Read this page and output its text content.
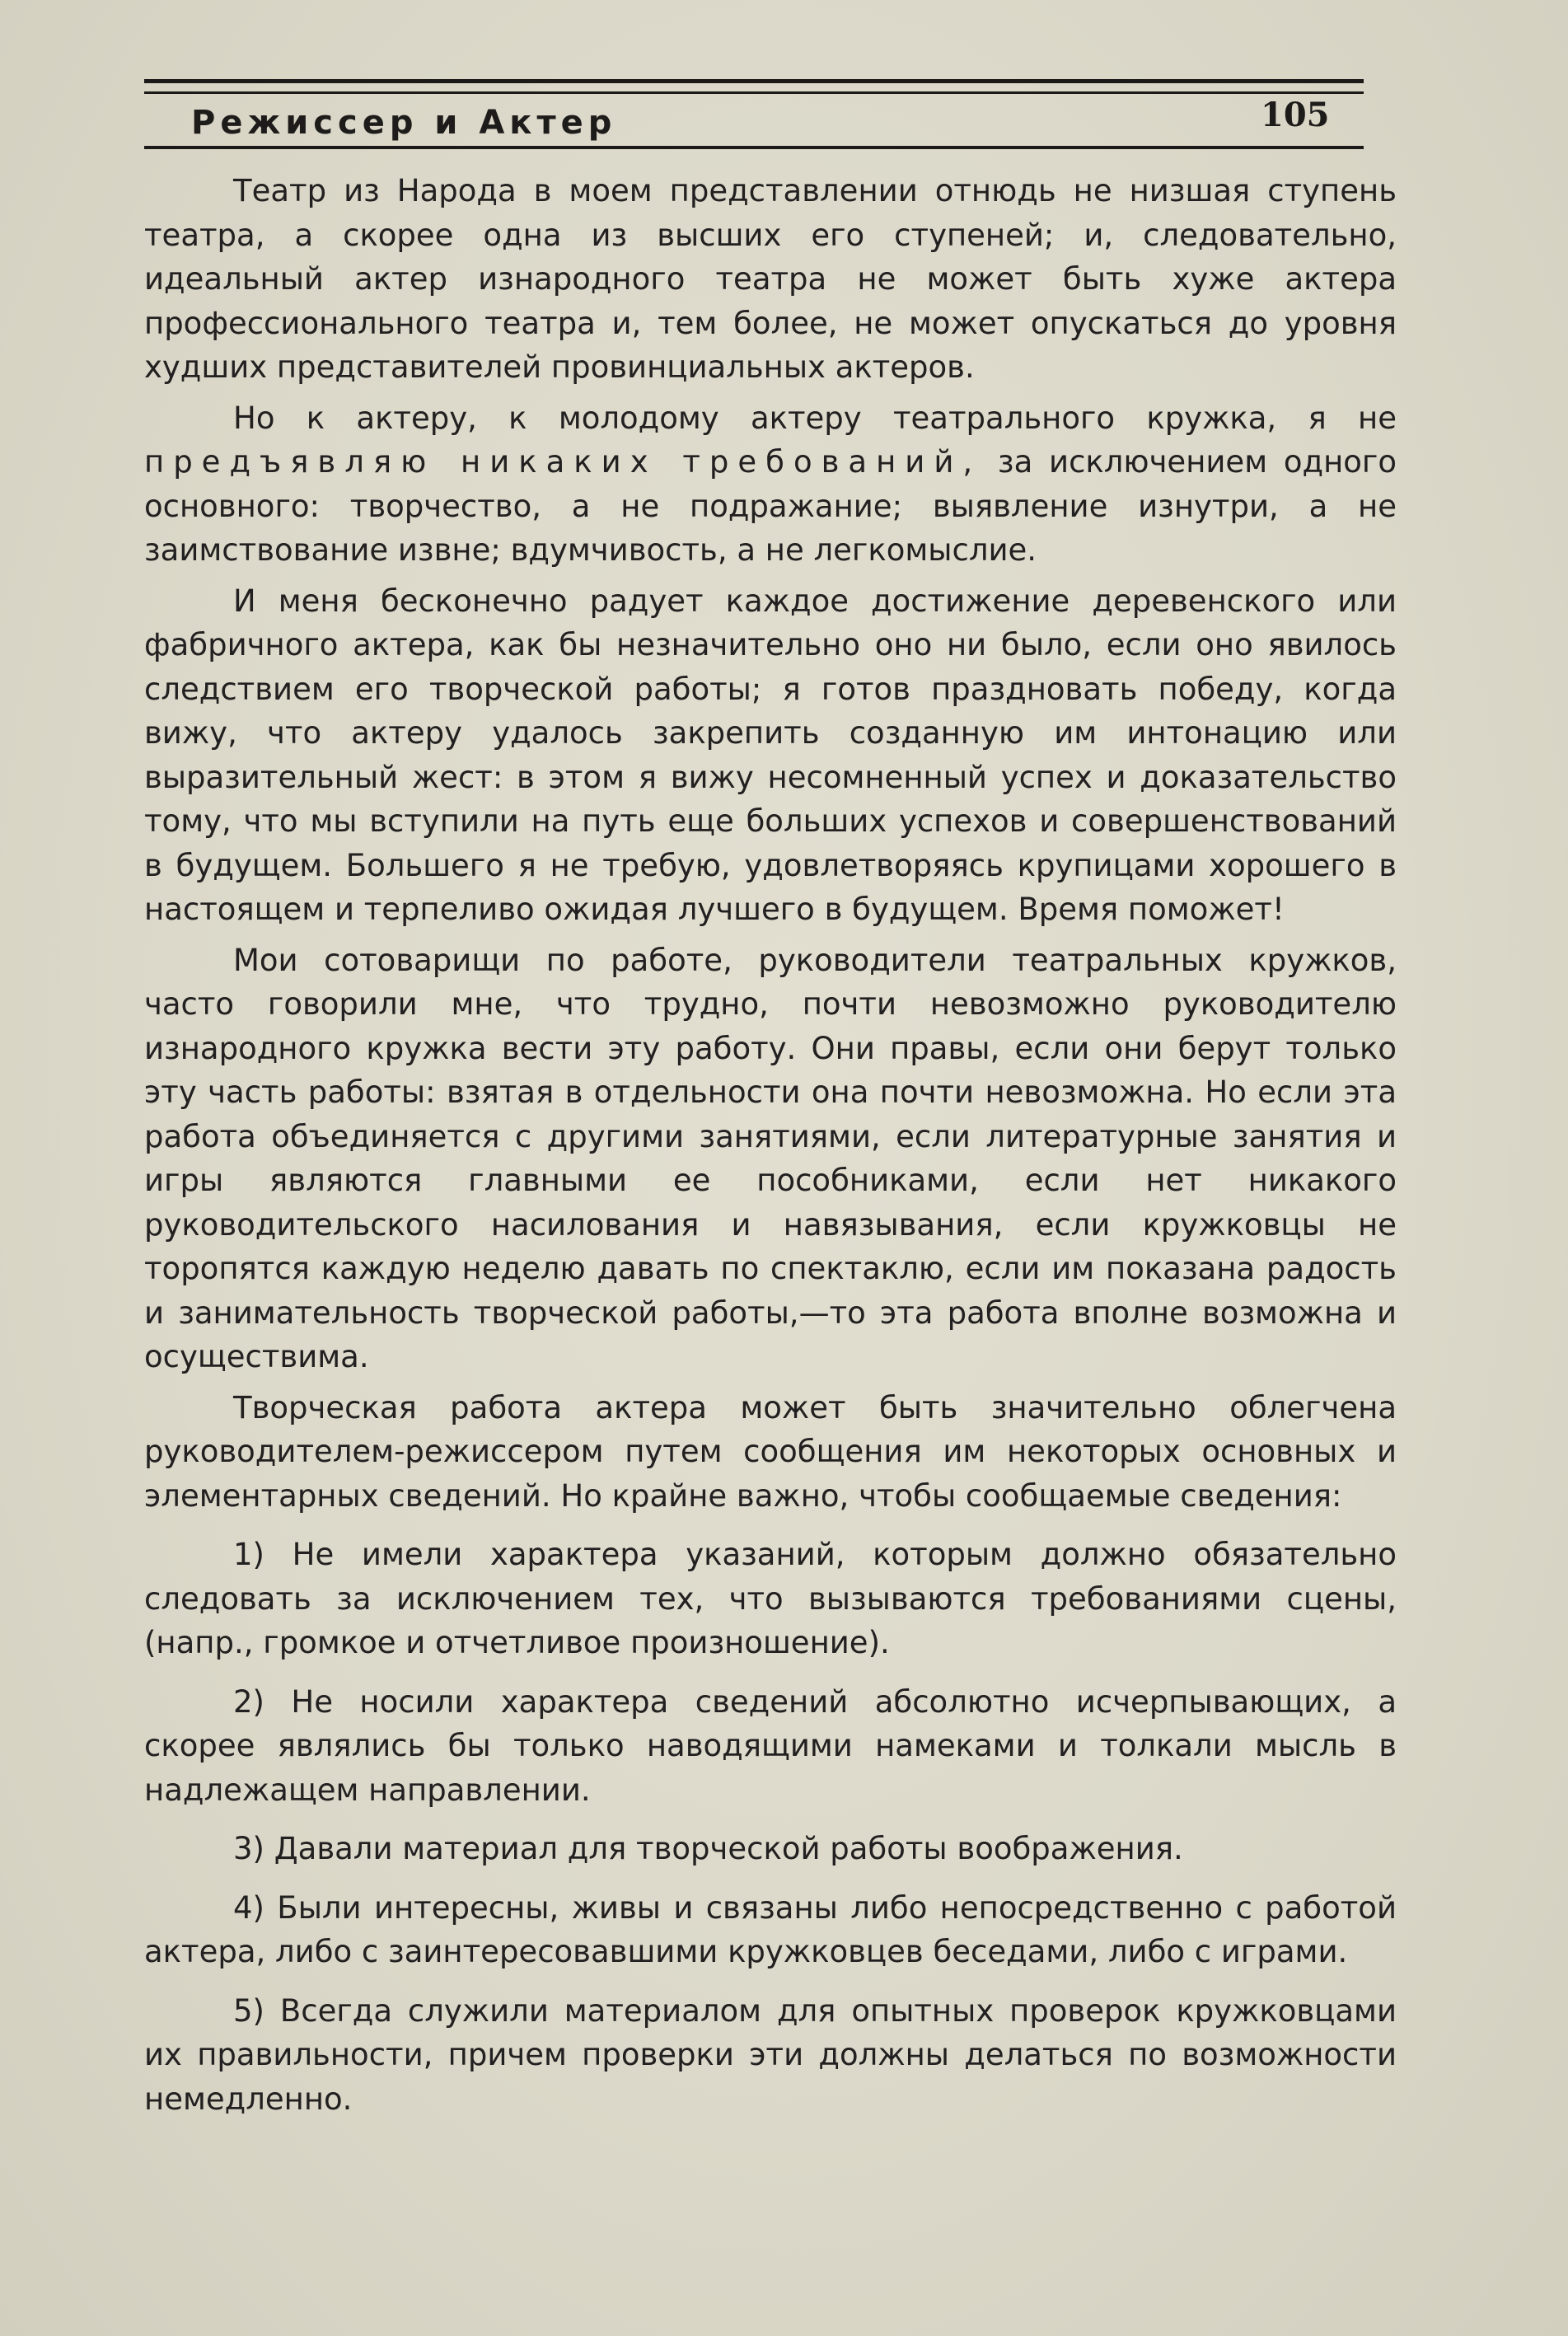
Режиссер и Актер	105

Театр из Народа в моем представлении отнюдь не низшая ступень театра, а скорее одна из высших его ступеней; и, следовательно, идеальный актер изнародного театра не может быть хуже актера профессионального театра и, тем более, не может опускаться до уровня худших представителей провинциальных актеров.

Но к актеру, к молодому актеру театрального кружка, я не предъявляю никаких требований, за исключением одного основного: творчество, а не подражание; выявление изнутри, а не заимствование извне; вдумчивость, а не легкомыслие.

И меня бесконечно радует каждое достижение деревенского или фабричного актера, как бы незначительно оно ни было, если оно явилось следствием его творческой работы; я готов праздновать победу, когда вижу, что актеру удалось закрепить созданную им интонацию или выразительный жест: в этом я вижу несомненный успех и доказательство тому, что мы вступили на путь еще больших успехов и совершенствований в будущем. Большего я не требую, удовлетворяясь крупицами хорошего в настоящем и терпеливо ожидая лучшего в будущем. Время поможет!

Мои сотоварищи по работе, руководители театральных кружков, часто говорили мне, что трудно, почти невозможно руководителю изнародного кружка вести эту работу. Они правы, если они берут только эту часть работы: взятая в отдельности она почти невозможна. Но если эта работа объединяется с другими занятиями, если литературные занятия и игры являются главными ее пособниками, если нет никакого руководительского насилования и навязывания, если кружковцы не торопятся каждую неделю давать по спектаклю, если им показана радость и занимательность творческой работы,—то эта работа вполне возможна и осуществима.

Творческая работа актера может быть значительно облегчена руководителем-режиссером путем сообщения им некоторых основных и элементарных сведений. Но крайне важно, чтобы сообщаемые сведения:

1) Не имели характера указаний, которым должно обязательно следовать за исключением тех, что вызываются требованиями сцены, (напр., громкое и отчетливое произношение).

2) Не носили характера сведений абсолютно исчерпывающих, а скорее являлись бы только наводящими намеками и толкали мысль в надлежащем направлении.

3) Давали материал для творческой работы воображения.

4) Были интересны, живы и связаны либо непосредственно с работой актера, либо с заинтересовавшими кружковцев беседами, либо с играми.

5) Всегда служили материалом для опытных проверок кружковцами их правильности, причем проверки эти должны делаться по возможности немедленно.
